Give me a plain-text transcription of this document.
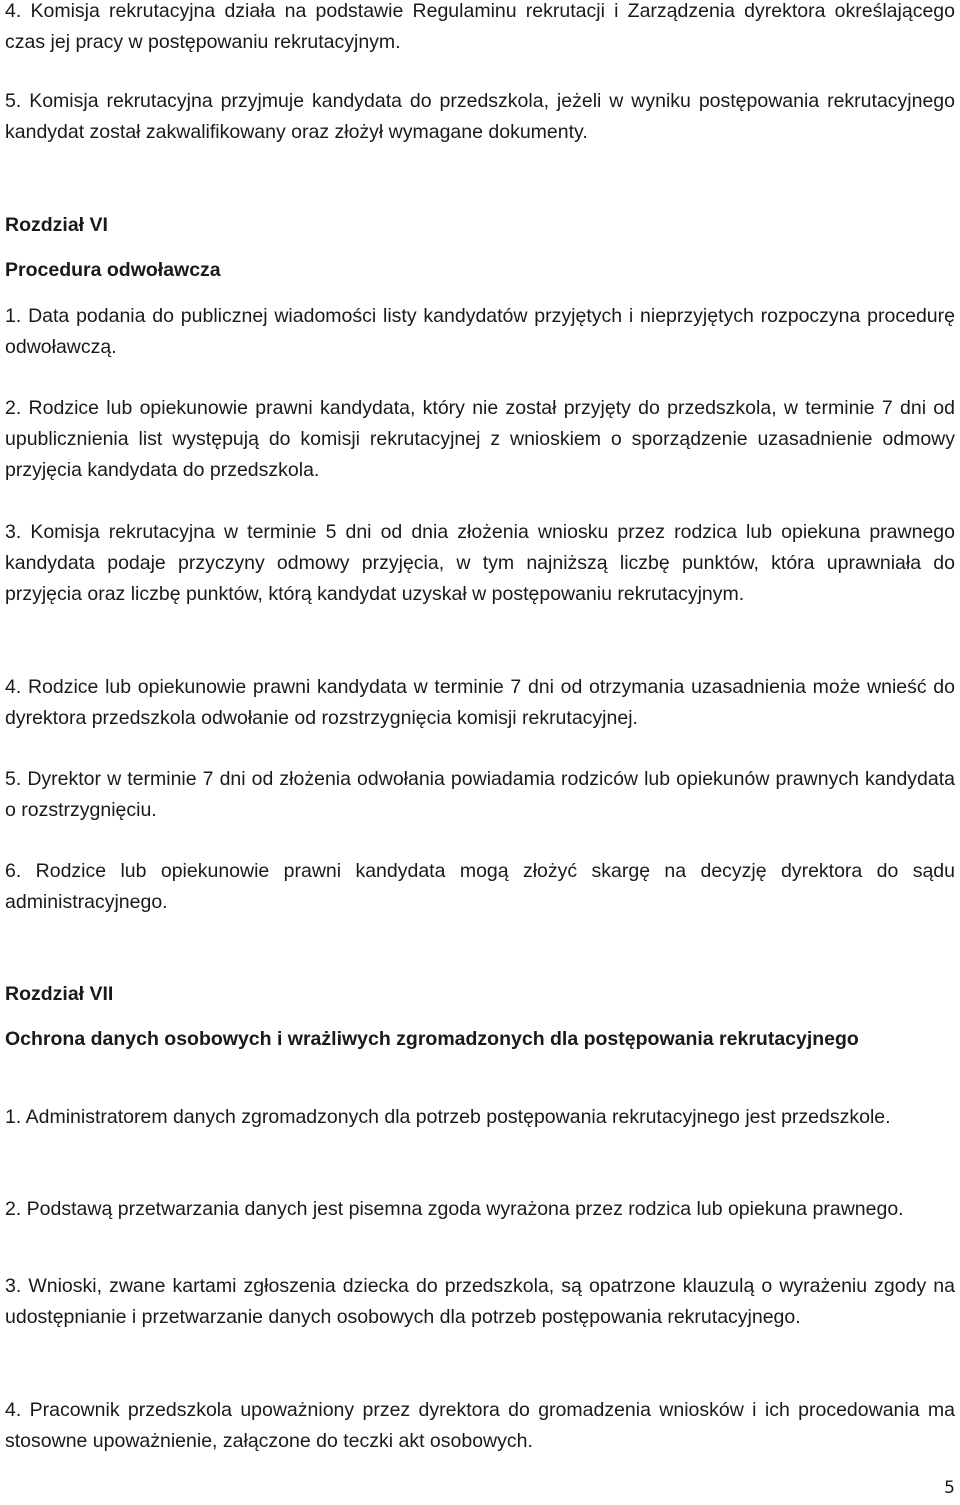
4. Komisja rekrutacyjna działa na podstawie Regulaminu rekrutacji i Zarządzenia dyrektora określającego czas jej pracy w postępowaniu rekrutacyjnym.

5. Komisja rekrutacyjna przyjmuje kandydata do przedszkola, jeżeli w wyniku postępowania rekrutacyjnego kandydat został zakwalifikowany oraz złożył wymagane dokumenty.

Rozdział VI

Procedura odwoławcza

1. Data podania do publicznej wiadomości listy kandydatów przyjętych i nieprzyjętych rozpoczyna procedurę odwoławczą.

2. Rodzice lub opiekunowie prawni kandydata, który nie został przyjęty do przedszkola, w terminie 7 dni od upublicznienia list występują do komisji rekrutacyjnej z wnioskiem o sporządzenie uzasadnienie odmowy przyjęcia kandydata do przedszkola.

3. Komisja rekrutacyjna w terminie 5 dni od dnia złożenia wniosku przez rodzica lub opiekuna prawnego kandydata podaje przyczyny odmowy przyjęcia, w tym najniższą liczbę punktów, która uprawniała do przyjęcia oraz liczbę punktów, którą kandydat uzyskał w postępowaniu rekrutacyjnym.

4. Rodzice lub opiekunowie prawni kandydata w terminie 7 dni od otrzymania uzasadnienia może wnieść do dyrektora przedszkola odwołanie od rozstrzygnięcia komisji rekrutacyjnej.

5. Dyrektor w terminie 7 dni od złożenia odwołania powiadamia rodziców lub opiekunów prawnych kandydata o rozstrzygnięciu.

6. Rodzice lub opiekunowie prawni kandydata mogą złożyć skargę na decyzję dyrektora do sądu administracyjnego.

Rozdział VII

Ochrona danych osobowych i wrażliwych zgromadzonych dla postępowania rekrutacyjnego

1. Administratorem danych zgromadzonych dla potrzeb postępowania rekrutacyjnego jest przedszkole.

2. Podstawą przetwarzania danych jest pisemna zgoda wyrażona przez rodzica lub opiekuna prawnego.

3. Wnioski, zwane kartami zgłoszenia dziecka do przedszkola, są opatrzone klauzulą o wyrażeniu zgody na udostępnianie i przetwarzanie danych osobowych dla potrzeb postępowania rekrutacyjnego.

4. Pracownik przedszkola upoważniony przez dyrektora do gromadzenia wniosków i ich procedowania ma stosowne upoważnienie, załączone do teczki akt osobowych.

5
